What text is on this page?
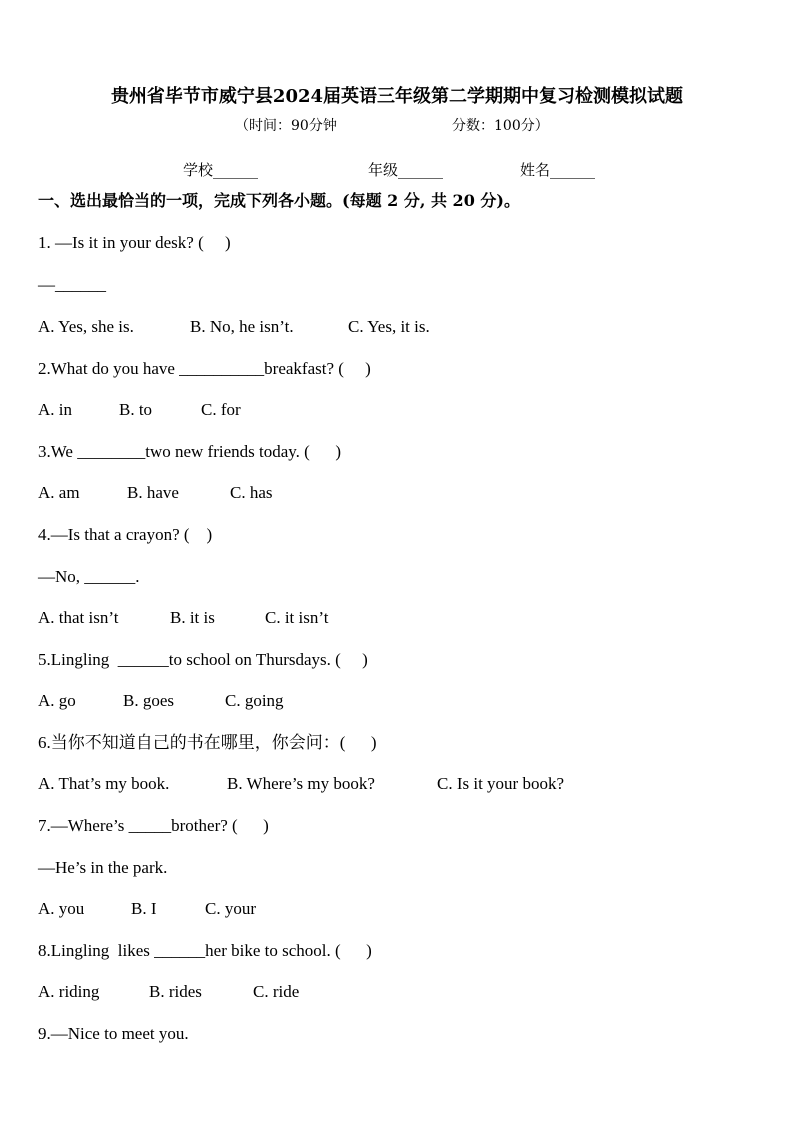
贵州省毕节市威宁县2024届英语三年级第二学期期中复习检测模拟试题
（时间：90分钟	分数：100分）
学校______	年级______	姓名______
一、选出最恰当的一项，完成下列各小题。(每题 2 分, 共 20 分)。
1. —Is it in your desk? (     )
—______
A. Yes, she is.	B. No, he isn’t.	C. Yes, it is.
2.What do you have __________breakfast? (     )
A. in	B. to	C. for
3.We ________two new friends today. (      )
A. am	B. have	C. has
4.—Is that a crayon? (    )
—No, ______.
A. that isn’t	B. it is	C. it isn’t
5.Lingling  ______to school on Thursdays. (     )
A. go	B. goes	C. going
6.当你不知道自己的书在哪里，你会问：(      )
A. That’s my book.	B. Where’s my book?	C. Is it your book?
7.—Where’s _____brother? (      )
—He’s in the park.
A. you	B. I	C. your
8.Lingling  likes ______her bike to school. (      )
A. riding	B. rides	C. ride
9.—Nice to meet you.
